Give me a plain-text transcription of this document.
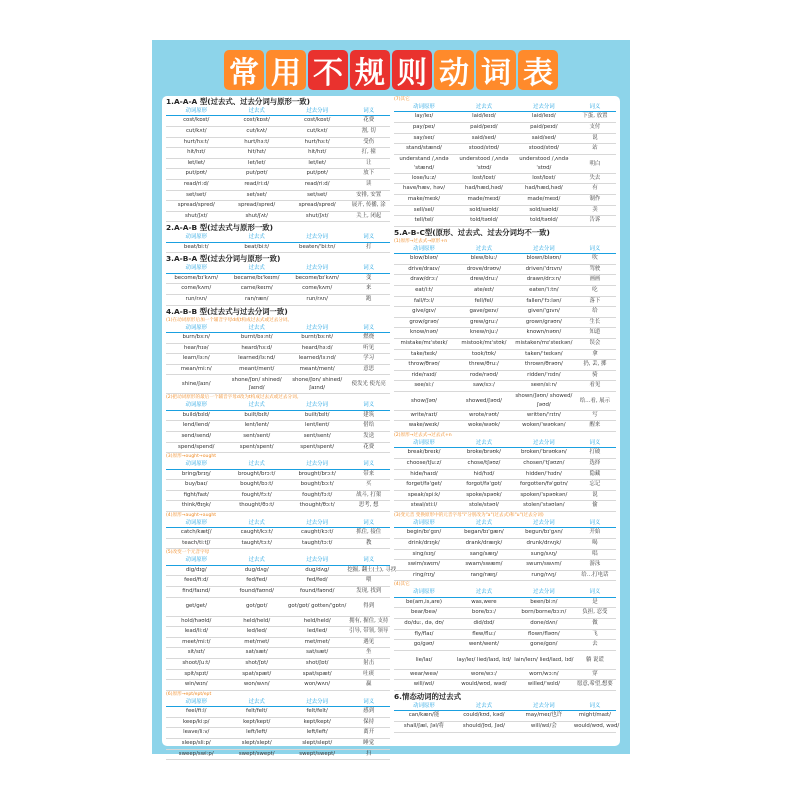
常 用 不 规 则 动 词 表
1.A-A-A 型(过去式、过去分词与原形一致)
动词原形	过去式	过去分词	词义
cost/kɒst/	cost/kɒst/	cost/kɒst/	花费
cut/kʌt/	cut/kʌt/	cut/kʌt/	割, 切
hurt/hɜ:t/	hurt/hɜ:t/	hurt/hɜ:t/	受伤
hit/hɪt/	hit/hɪt/	hit/hɪt/	打, 撞
let/let/	let/let/	let/let/	让
put/pʊt/	put/pʊt/	put/pʊt/	放下
read/ri:d/	read/ri:d/	read/ri:d/	读
set/set/	set/set/	set/set/	安排, 安置
spread/spred/	spread/spred/	spread/spred/	展开, 传播, 涂
shut/ʃʌt/	shut/ʃʌt/	shut/ʃʌt/	关上, 闭起
2.A-A-B 型(过去式与原形一致)
动词原形	过去式	过去分词	词义
beat/bi:t/	beat/bi:t/	beaten/ˈbi:tn/	打
3.A-B-A 型(过去分词与原形一致)
动词原形	过去式	过去分词	词义
become/bɪˈkʌm/	became/bɪˈkeɪm/	become/bɪˈkʌm/	变
come/kʌm/	came/keɪm/	come/kʌm/	来
run/rʌn/	ran/ræn/	run/rʌn/	跑
4.A-B-B 型(过去式与过去分词一致)
(1)在动词原形后加一个辅音字母d或t构成过去式或过去分词。
动词原形	过去式	过去分词	词义
burn/bɜ:n/	burnt/bɜ:nt/	burnt/bɜ:nt/	燃烧
hear/hɪə/	heard/hɜ:d/	heard/hɜ:d/	听见
learn/lɜ:n/	learned/lɜ:nd/	learned/lɜ:nd/	学习
mean/mi:n/	meant/ment/	meant/ment/	意思
shine/ʃaɪn/	shone/ʃɒn/ shined/ʃaɪnd/	shone/ʃɒn/ shined/ʃaɪnd/	使发光 使光亮
(2)把动词原形的最后一个辅音字母d改为t构成过去式或过去分词。
动词原形	过去式	过去分词	词义
build/bɪld/	built/bɪlt/	built/bɪlt/	建筑
lend/lend/	lent/lent/	lent/lent/	借给
send/send/	sent/sent/	sent/sent/	发送
spend/spend/	spent/spent/	spent/spent/	花费
(3)原形→ought→ought
动词原形	过去式	过去分词	词义
bring/brɪŋ/	brought/brɔ:t/	brought/brɔ:t/	带来
buy/baɪ/	bought/bɔ:t/	bought/bɔ:t/	买
fight/faɪt/	fought/fɔ:t/	fought/fɔ:t/	战斗, 打架
think/θɪŋk/	thought/θɔ:t/	thought/θɔ:t/	思考, 想
(4)原形→aught→aught
动词原形	过去式	过去分词	词义
catch/kætʃ/	caught/kɔ:t/	caught/kɔ:t/	抓住, 接住
teach/ti:tʃ/	taught/tɔ:t/	taught/tɔ:t/	教
(5)改变一个元音字母
动词原形	过去式	过去分词	词义
dig/dɪg/	dug/dʌg/	dug/dʌg/	挖掘, 翻土(土), 寻找
feed/fi:d/	fed/fed/	fed/fed/	喂
find/faɪnd/	found/faʊnd/	found/faʊnd/	发现, 找到
get/get/	got/gɒt/	got/gɒt/ gotten/ˈgɒtn/	得到
hold/həʊld/	held/held/	held/held/	拥有, 握住, 支持
lead/li:d/	led/led/	led/led/	引导, 带领, 领导
meet/mi:t/	met/met/	met/met/	遇见
sit/sɪt/	sat/sæt/	sat/sæt/	坐
shoot/ʃu:t/	shot/ʃɒt/	shot/ʃɒt/	射击
spit/spɪt/	spat/spæt/	spat/spæt/	吐痰
win/wɪn/	won/wʌn/	won/wʌn/	赢
(6)原形→ept/ept/ept
动词原形	过去式	过去分词	词义
feel/fi:l/	felt/felt/	felt/felt/	感到
keep/ki:p/	kept/kept/	kept/kept/	保持
leave/li:v/	left/left/	left/left/	离开
sleep/sli:p/	slept/slept/	slept/slept/	睡觉
sweep/swi:p/	swept/swept/	swept/swept/	扫
(7)其它
动词原形	过去式	过去分词	词义
lay/leɪ/	laid/leɪd/	laid/leɪd/	下蛋, 放置
pay/peɪ/	paid/peɪd/	paid/peɪd/	支付
say/seɪ/	said/sed/	said/sed/	说
stand/stænd/	stood/stʊd/	stood/stʊd/	站
understand /ˌʌndəˈstænd/	understood /ˌʌndəˈstʊd/	understood /ˌʌndəˈstʊd/	明白
lose/lu:z/	lost/lɒst/	lost/lɒst/	失去
have/hæv, həv/	had/hæd,həd/	had/hæd,həd/	有
make/meɪk/	made/meɪd/	made/meɪd/	制作
sell/sel/	sold/səʊld/	sold/səʊld/	卖
tell/tel/	told/təʊld/	told/təʊld/	告诉
5.A-B-C型(原形、过去式、过去分词均不一致)
(1)原形→过去式→原形+n
动词原形	过去式	过去分词	词义
blow/bləʊ/	blew/blu:/	blown/bləʊn/	吹
drive/draɪv/	drove/drəʊv/	driven/ˈdrɪvn/	驾驶
draw/drɔ:/	drew/dru:/	drawn/drɔ:n/	画画
eat/i:t/	ate/eɪt/	eaten/ˈi:tn/	吃
fall/fɔ:l/	fell/fel/	fallen/ˈfɔ:lən/	落下
give/gɪv/	gave/geɪv/	given/ˈgɪvn/	给
grow/grəʊ/	grew/gru:/	grown/grəʊn/	生长
know/nəʊ/	knew/nju:/	known/nəʊn/	知道
mistake/mɪˈsteɪk/	mistook/mɪˈstʊk/	mistaken/mɪˈsteɪkən/	误会
take/teɪk/	took/tʊk/	taken/ˈteɪkən/	拿
throw/θrəʊ/	threw/θru:/	thrown/θrəʊn/	扔, 丢, 掷
ride/raɪd/	rode/rəʊd/	ridden/ˈrɪdn/	骑
see/si:/	saw/sɔ:/	seen/si:n/	看见
show/ʃəʊ/	showed/ʃəʊd/	shown/ʃəʊn/ showed/ʃəʊd/	给…看, 展示
write/raɪt/	wrote/rəʊt/	written/ˈrɪtn/	写
wake/weɪk/	woke/wəʊk/	woken/ˈwəʊkən/	醒来
(2)原形→过去式→过去式+n
动词原形	过去式	过去分词	词义
break/breɪk/	broke/brəʊk/	broken/ˈbrəʊkən/	打破
choose/tʃu:z/	chose/tʃəʊz/	chosen/ˈtʃəʊzn/	选择
hide/haɪd/	hid/hɪd/	hidden/ˈhɪdn/	隐藏
forget/fəˈget/	forgot/fəˈgɒt/	forgotten/fəˈgɒtn/	忘记
speak/spi:k/	spoke/spəʊk/	spoken/ˈspəʊkən/	说
steal/sti:l/	stole/stəʊl/	stolen/ˈstəʊlən/	偷
(3)变元音 变换原形中的元音字母"i"分别改为"a"(过去式)和"u"(过去分词)
动词原形	过去式	过去分词	词义
begin/bɪˈgɪn/	began/bɪˈgæn/	begun/bɪˈgʌn/	开始
drink/drɪŋk/	drank/dræŋk/	drunk/drʌŋk/	喝
sing/sɪŋ/	sang/sæŋ/	sung/sʌŋ/	唱
swim/swɪm/	swam/swæm/	swum/swʌm/	游泳
ring/rɪŋ/	rang/ræŋ/	rung/rʌŋ/	给…打电话
(4)其它
动词原形	过去式	过去分词	词义
be(am,is,are)	was,were	been/bi:n/	是
bear/beə/	bore/bɔ:/	born/borne/bɔ:n/	负担, 忍受
do/du:, də, dʊ/	did/dɪd/	done/dʌn/	做
fly/flaɪ/	flew/flu:/	flown/fləʊn/	飞
go/gəʊ/	went/went/	gone/gɒn/	去
lie/laɪ/	lay/leɪ/ lied/laɪd, lɪd/	lain/leɪn/ lied/laɪd, lɪd/	躺 说谎
wear/weə/	wore/wɔ:/	worn/wɔ:n/	穿
will/wɪl/	would/wʊd, wəd/	willed/ˈwɪld/	愿意,希望,想要
6.情态动词的过去式
动词原形	过去式	过去分词	词义
can/kæn/能	could/kʊd, kəd/	may/meɪ/也许	might/maɪt/
shall/ʃæl, ʃəl/将	should/ʃʊd, ʃəd/	will/wɪl/会	would/wʊd, wəd/
